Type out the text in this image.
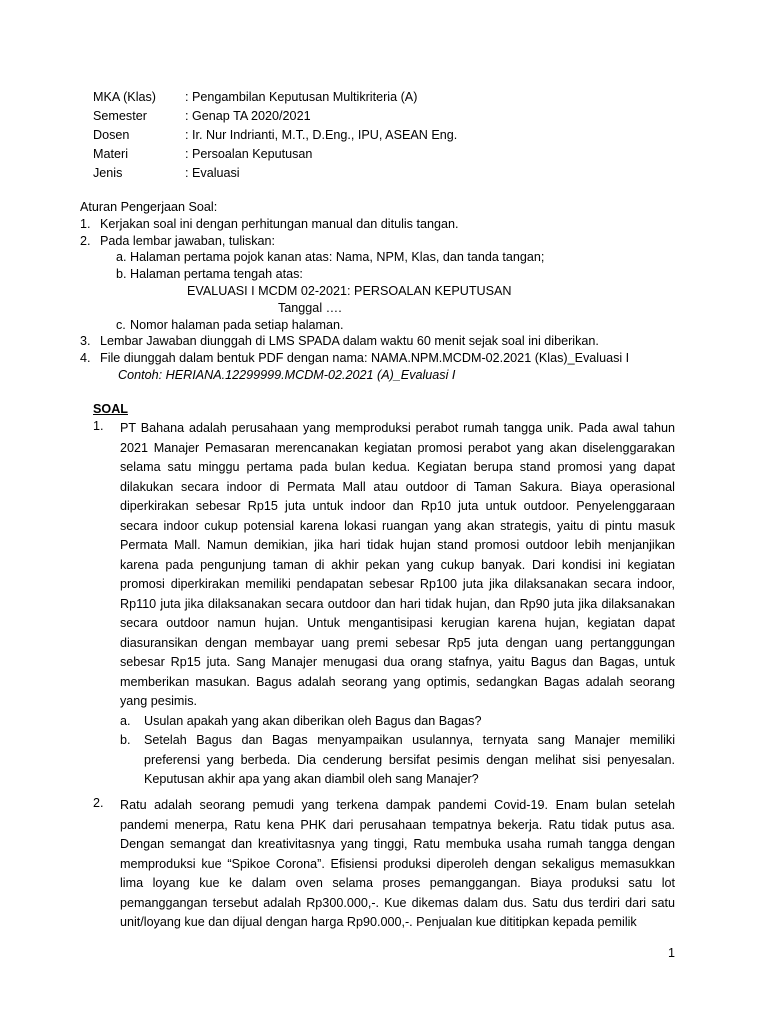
MKA (Klas) : Pengambilan Keputusan Multikriteria (A)
Semester	: Genap TA 2020/2021
Dosen	: Ir. Nur Indrianti, M.T., D.Eng., IPU, ASEAN Eng.
Materi	: Persoalan Keputusan
Jenis	: Evaluasi
Aturan Pengerjaan Soal:
1. Kerjakan soal ini dengan perhitungan manual dan ditulis tangan.
2. Pada lembar jawaban, tuliskan:
a. Halaman pertama pojok kanan atas: Nama, NPM, Klas, dan tanda tangan;
b. Halaman pertama tengah atas:
EVALUASI I MCDM 02-2021: PERSOALAN KEPUTUSAN
Tanggal ….
c. Nomor halaman pada setiap halaman.
3. Lembar Jawaban diunggah di LMS SPADA dalam waktu 60 menit sejak soal ini diberikan.
4. File diunggah dalam bentuk PDF dengan nama: NAMA.NPM.MCDM-02.2021 (Klas)_Evaluasi I
Contoh: HERIANA.12299999.MCDM-02.2021 (A)_Evaluasi I
SOAL
1. PT Bahana adalah perusahaan yang memproduksi perabot rumah tangga unik. Pada awal tahun 2021 Manajer Pemasaran merencanakan kegiatan promosi perabot yang akan diselenggarakan selama satu minggu pertama pada bulan kedua. Kegiatan berupa stand promosi yang dapat dilakukan secara indoor di Permata Mall atau outdoor di Taman Sakura. Biaya operasional diperkirakan sebesar Rp15 juta untuk indoor dan Rp10 juta untuk outdoor. Penyelenggaraan secara indoor cukup potensial karena lokasi ruangan yang akan strategis, yaitu di pintu masuk Permata Mall. Namun demikian, jika hari tidak hujan stand promosi outdoor lebih menjanjikan karena pada pengunjung taman di akhir pekan yang cukup banyak. Dari kondisi ini kegiatan promosi diperkirakan memiliki pendapatan sebesar Rp100 juta jika dilaksanakan secara indoor, Rp110 juta jika dilaksanakan secara outdoor dan hari tidak hujan, dan Rp90 juta jika dilaksanakan secara outdoor namun hujan. Untuk mengantisipasi kerugian karena hujan, kegiatan dapat diasuransikan dengan membayar uang premi sebesar Rp5 juta dengan uang pertanggungan sebesar Rp15 juta. Sang Manajer menugasi dua orang stafnya, yaitu Bagus dan Bagas, untuk memberikan masukan. Bagus adalah seorang yang optimis, sedangkan Bagas adalah seorang yang pesimis.
a. Usulan apakah yang akan diberikan oleh Bagus dan Bagas?
b. Setelah Bagus dan Bagas menyampaikan usulannya, ternyata sang Manajer memiliki preferensi yang berbeda. Dia cenderung bersifat pesimis dengan melihat sisi penyesalan. Keputusan akhir apa yang akan diambil oleh sang Manajer?
2. Ratu adalah seorang pemudi yang terkena dampak pandemi Covid-19. Enam bulan setelah pandemi menerpa, Ratu kena PHK dari perusahaan tempatnya bekerja. Ratu tidak putus asa. Dengan semangat dan kreativitasnya yang tinggi, Ratu membuka usaha rumah tangga dengan memproduksi kue “Spikoe Corona”. Efisiensi produksi diperoleh dengan sekaligus memasukkan lima loyang kue ke dalam oven selama proses pemanggangan. Biaya produksi satu lot pemanggangan tersebut adalah Rp300.000,-. Kue dikemas dalam dus. Satu dus terdiri dari satu unit/loyang kue dan dijual dengan harga Rp90.000,-. Penjualan kue dititipkan kepada pemilik
1
